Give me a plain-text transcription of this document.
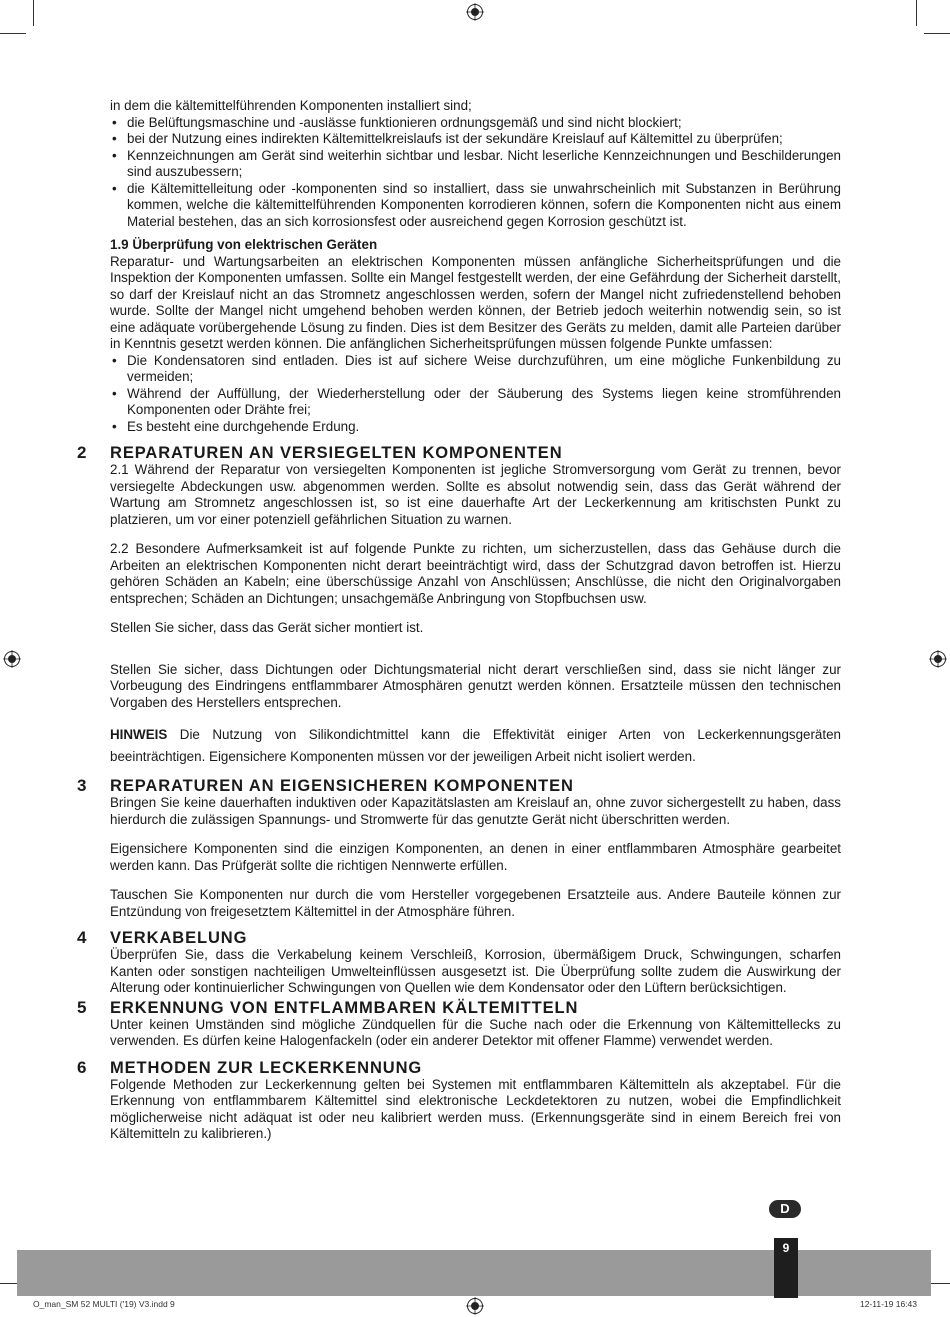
in dem die kältemittelführenden Komponenten installiert sind;

• die Belüftungsmaschine und -auslässe funktionieren ordnungsgemäß und sind nicht blockiert;
• bei der Nutzung eines indirekten Kältemittelkreislaufs ist der sekundäre Kreislauf auf Kältemittel zu überprüfen;
• Kennzeichnungen am Gerät sind weiterhin sichtbar und lesbar. Nicht leserliche Kennzeichnungen und Beschilderungen sind auszubessern;
• die Kältemittelleitung oder -komponenten sind so installiert, dass sie unwahrscheinlich mit Substanzen in Berührung kommen, welche die kältemittelführenden Komponenten korrodieren können, sofern die Komponenten nicht aus einem Material bestehen, das an sich korrosionsfest oder ausreichend gegen Korrosion geschützt ist.

1.9 Überprüfung von elektrischen Geräten

Reparatur- und Wartungsarbeiten an elektrischen Komponenten müssen anfängliche Sicherheitsprüfungen und die Inspektion der Komponenten umfassen. Sollte ein Mangel festgestellt werden, der eine Gefährdung der Sicherheit darstellt, so darf der Kreislauf nicht an das Stromnetz angeschlossen werden, sofern der Mangel nicht zufriedenstellend behoben wurde. Sollte der Mangel nicht umgehend behoben werden können, der Betrieb jedoch weiterhin notwendig sein, so ist eine adäquate vorübergehende Lösung zu finden. Dies ist dem Besitzer des Geräts zu melden, damit alle Parteien darüber in Kenntnis gesetzt werden können. Die anfänglichen Sicherheitsprüfungen müssen folgende Punkte umfassen:

• Die Kondensatoren sind entladen. Dies ist auf sichere Weise durchzuführen, um eine mögliche Funkenbildung zu vermeiden;
• Während der Auffüllung, der Wiederherstellung oder der Säuberung des Systems liegen keine stromführenden Komponenten oder Drähte frei;
• Es besteht eine durchgehende Erdung.
2 REPARATUREN AN VERSIEGELTEN KOMPONENTEN

2.1 Während der Reparatur von versiegelten Komponenten ist jegliche Stromversorgung vom Gerät zu trennen, bevor versiegelte Abdeckungen usw. abgenommen werden. Sollte es absolut notwendig sein, dass das Gerät während der Wartung am Stromnetz angeschlossen ist, so ist eine dauerhafte Art der Leckerkennung am kritischsten Punkt zu platzieren, um vor einer potenziell gefährlichen Situation zu warnen.

2.2 Besondere Aufmerksamkeit ist auf folgende Punkte zu richten, um sicherzustellen, dass das Gehäuse durch die Arbeiten an elektrischen Komponenten nicht derart beeinträchtigt wird, dass der Schutzgrad davon betroffen ist. Hierzu gehören Schäden an Kabeln; eine überschüssige Anzahl von Anschlüssen; Anschlüsse, die nicht den Originalvorgaben entsprechen; Schäden an Dichtungen; unsachgemäße Anbringung von Stopfbuchsen usw.

Stellen Sie sicher, dass das Gerät sicher montiert ist.

Stellen Sie sicher, dass Dichtungen oder Dichtungsmaterial nicht derart verschließen sind, dass sie nicht länger zur Vorbeugung des Eindringens entflammbarer Atmosphären genutzt werden können. Ersatzteile müssen den technischen Vorgaben des Herstellers entsprechen.

HINWEIS Die Nutzung von Silikondichtmittel kann die Effektivität einiger Arten von Leckerkennungsgeräten beeinträchtigen. Eigensichere Komponenten müssen vor der jeweiligen Arbeit nicht isoliert werden.

3 REPARATUREN AN EIGENSICHEREN KOMPONENTEN

Bringen Sie keine dauerhaften induktiven oder Kapazitätslasten am Kreislauf an, ohne zuvor sichergestellt zu haben, dass hierdurch die zulässigen Spannungs- und Stromwerte für das genutzte Gerät nicht überschritten werden.

Eigensichere Komponenten sind die einzigen Komponenten, an denen in einer entflammbaren Atmosphäre gearbeitet werden kann. Das Prüfgerät sollte die richtigen Nennwerte erfüllen.

Tauschen Sie Komponenten nur durch die vom Hersteller vorgegebenen Ersatzteile aus. Andere Bauteile können zur Entzündung von freigesetztem Kältemittel in der Atmosphäre führen.

4 VERKABELUNG

Überprüfen Sie, dass die Verkabelung keinem Verschleiß, Korrosion, übermäßigem Druck, Schwingungen, scharfen Kanten oder sonstigen nachteiligen Umwelteinflüssen ausgesetzt ist. Die Überprüfung sollte zudem die Auswirkung der Alterung oder kontinuierlicher Schwingungen von Quellen wie dem Kondensator oder den Lüftern berücksichtigen.

5 ERKENNUNG VON ENTFLAMMBAREN KÄLTEMITTELN

Unter keinen Umständen sind mögliche Zündquellen für die Suche nach oder die Erkennung von Kältemittellecks zu verwenden. Es dürfen keine Halogenfackeln (oder ein anderer Detektor mit offener Flamme) verwendet werden.

6 METHODEN ZUR LECKERKENNUNG

Folgende Methoden zur Leckerkennung gelten bei Systemen mit entflammbaren Kältemitteln als akzeptabel. Für die Erkennung von entflammbarem Kältemittel sind elektronische Leckdetektoren zu nutzen, wobei die Empfindlichkeit möglicherweise nicht adäquat ist oder neu kalibriert werden muss. (Erkennungsgeräte sind in einem Bereich frei von Kältemitteln zu kalibrieren.)

D
9
O_man_SM 52 MULTI ('19) V3.indd 9	12-11-19 16:43
